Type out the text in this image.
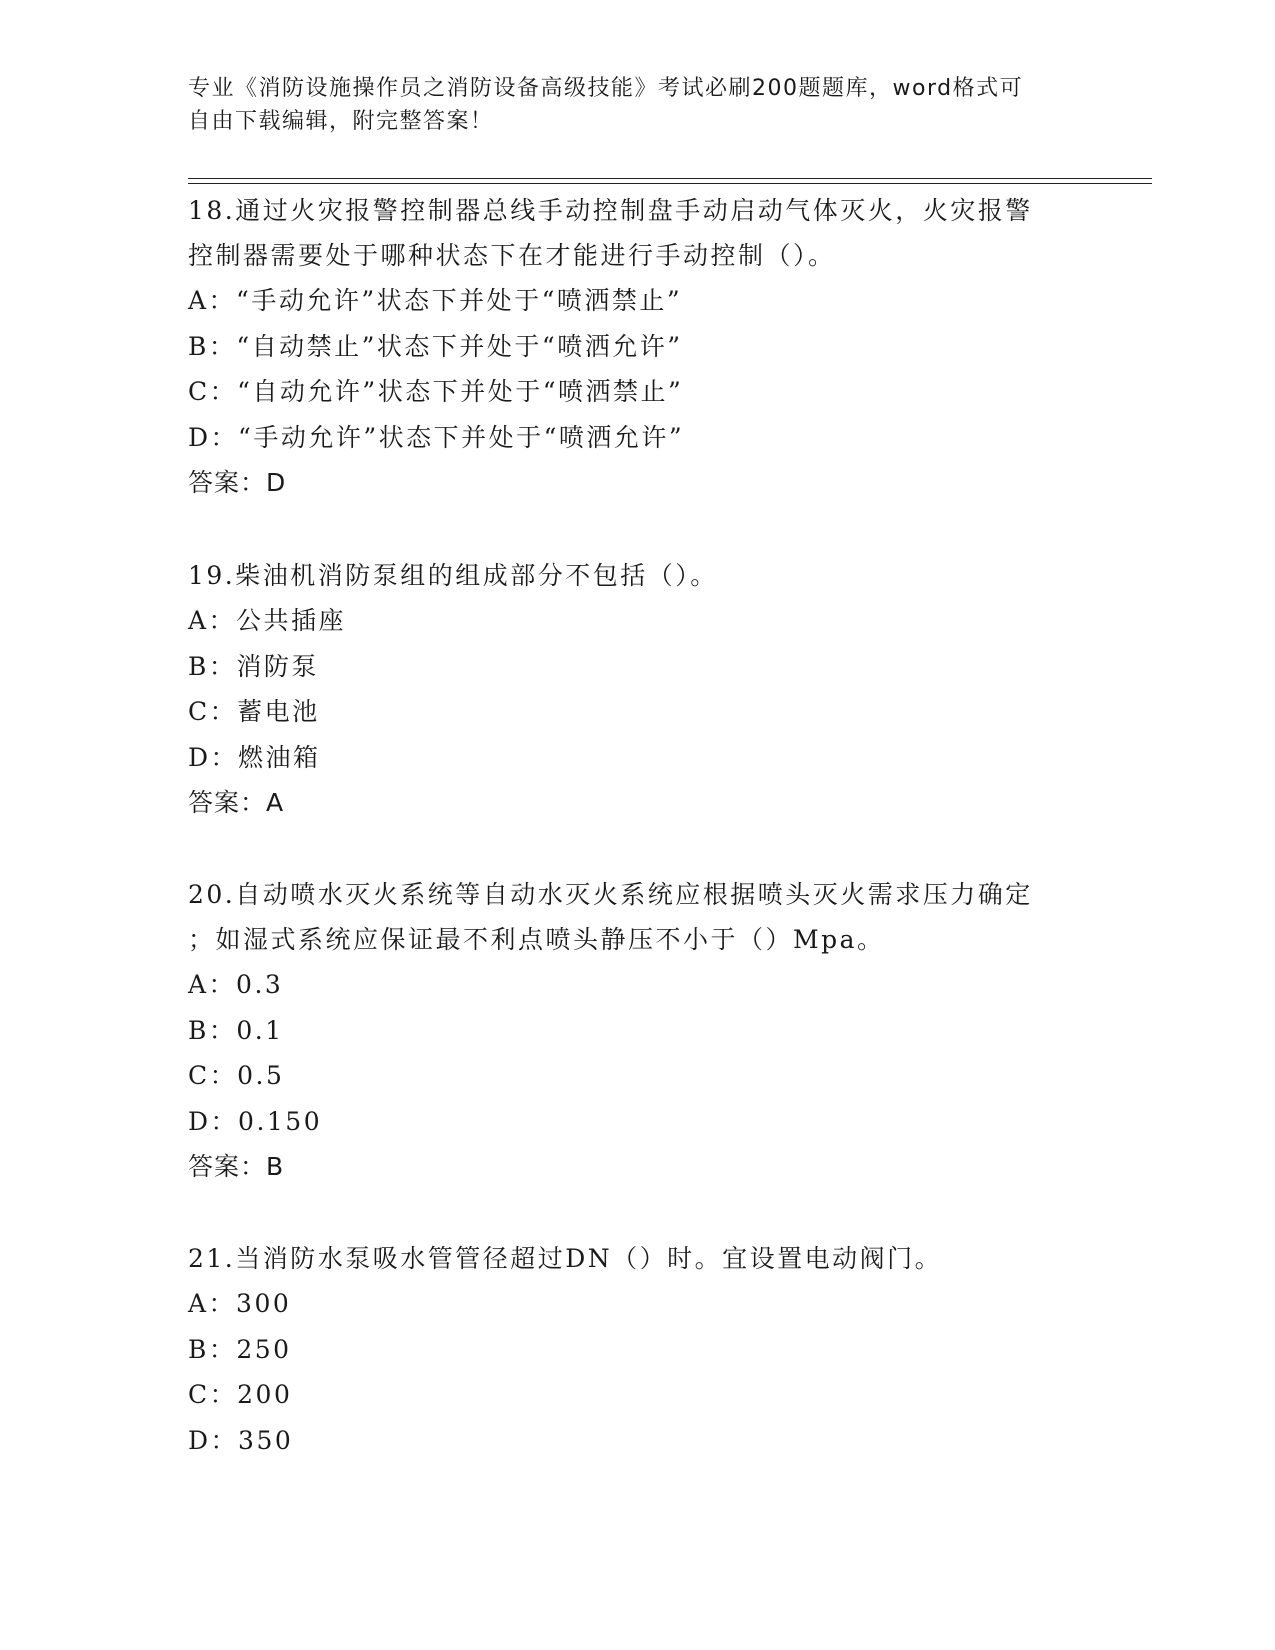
专业《消防设施操作员之消防设备高级技能》考试必刷200题题库，word格式可
自由下载编辑，附完整答案！
18.通过火灾报警控制器总线手动控制盘手动启动气体灭火，火灾报警
控制器需要处于哪种状态下在才能进行手动控制（）。
A：“手动允许”状态下并处于“喷洒禁止”
B：“自动禁止”状态下并处于“喷洒允许”
C：“自动允许”状态下并处于“喷洒禁止”
D：“手动允许”状态下并处于“喷洒允许”
答案：D
19.柴油机消防泵组的组成部分不包括（）。
A：公共插座
B：消防泵
C：蓄电池
D：燃油箱
答案：A
20.自动喷水灭火系统等自动水灭火系统应根据喷头灭火需求压力确定
；如湿式系统应保证最不利点喷头静压不小于（）Mpa。
A：0.3
B：0.1
C：0.5
D：0.150
答案：B
21.当消防水泵吸水管管径超过DN（）时。宜设置电动阀门。
A：300
B：250
C：200
D：350
